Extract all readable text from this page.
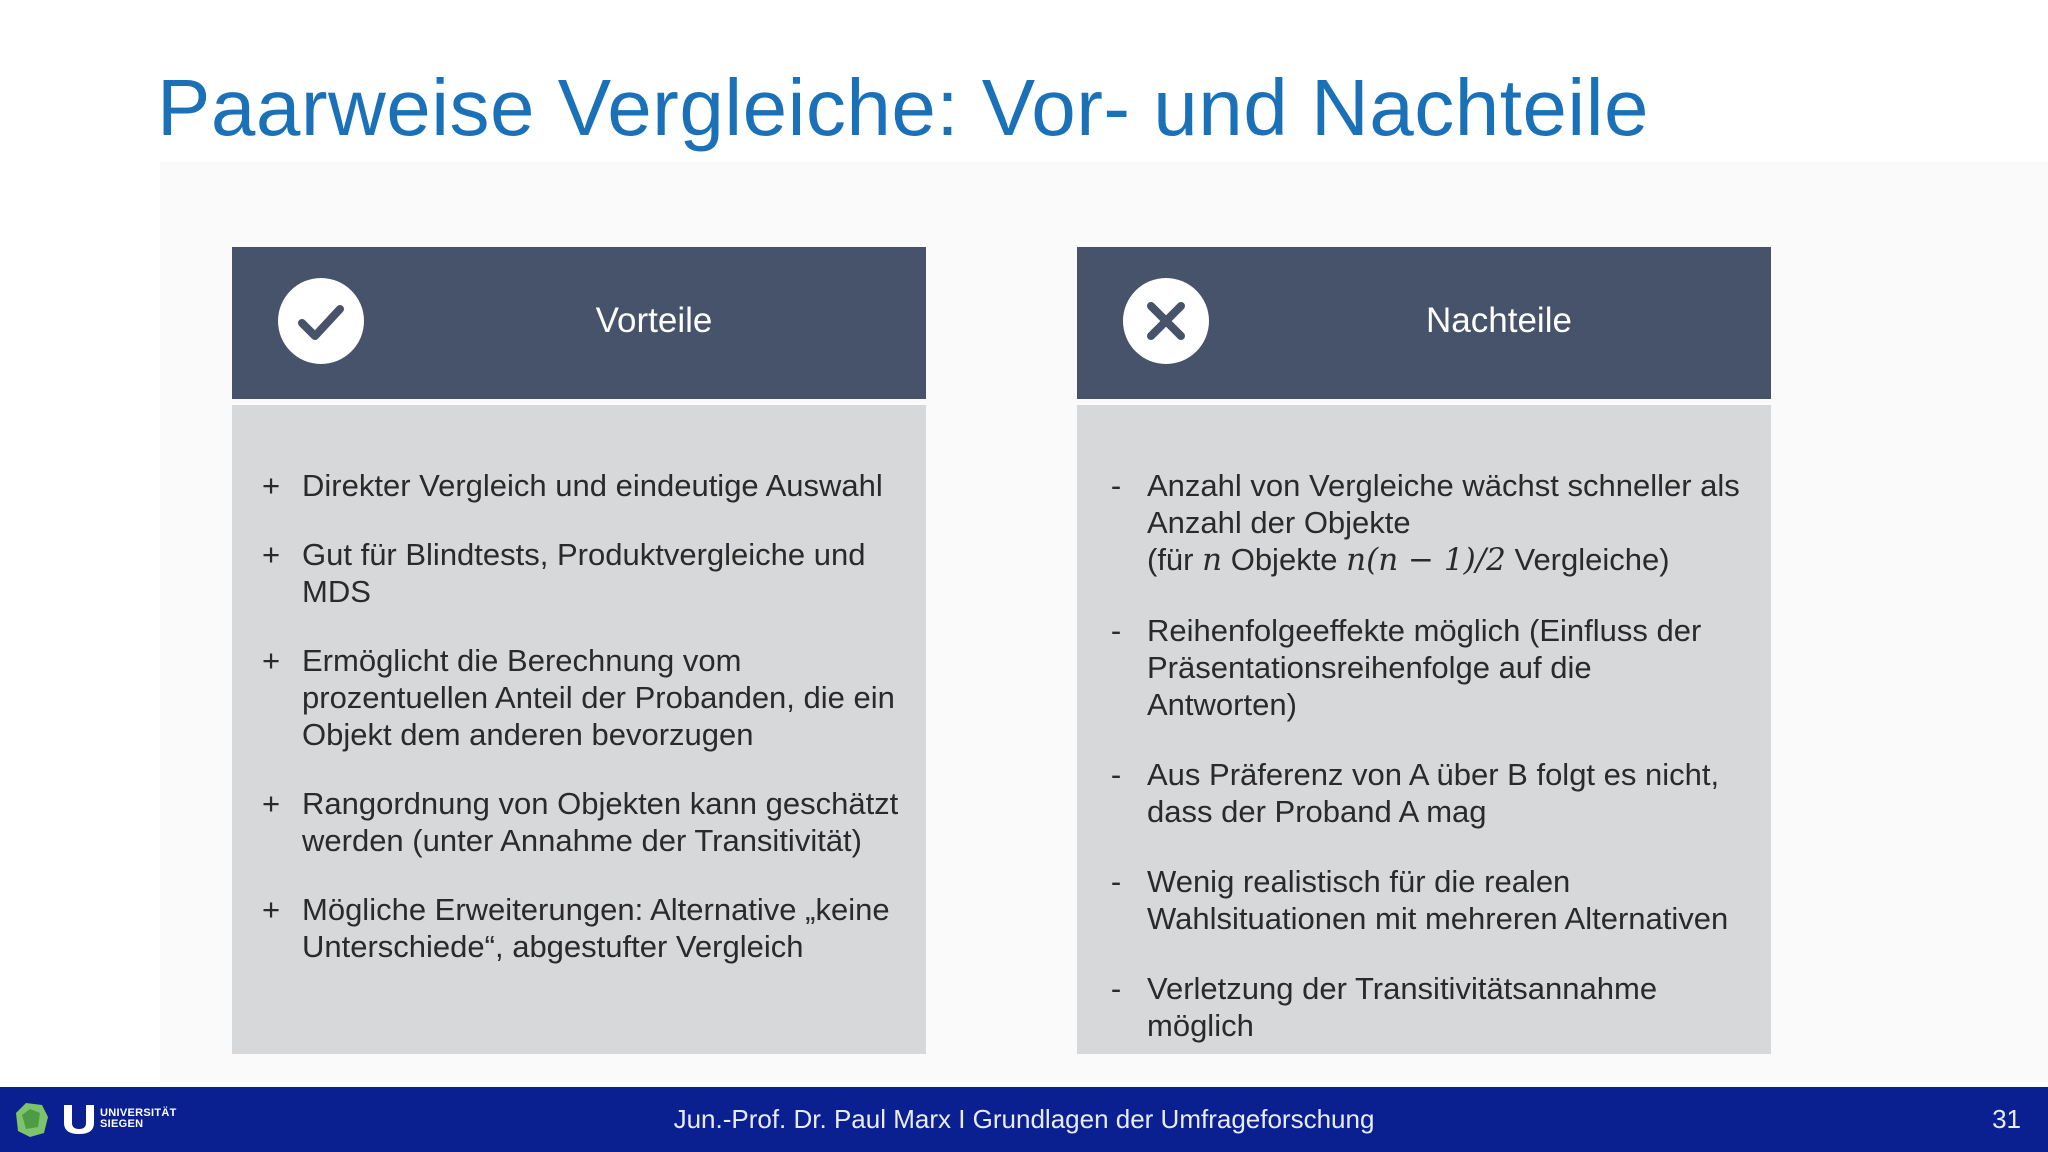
Paarweise Vergleiche: Vor- und Nachteile
Vorteile
+ Direkter Vergleich und eindeutige Auswahl
+ Gut für Blindtests, Produktvergleiche und
MDS
+ Ermöglicht die Berechnung vom
prozentuellen Anteil der Probanden, die ein
Objekt dem anderen bevorzugen
+ Rangordnung von Objekten kann geschätzt
werden (unter Annahme der Transitivität)
+ Mögliche Erweiterungen: Alternative „keine
Unterschiede“, abgestufter Vergleich
Nachteile
- Anzahl von Vergleiche wächst schneller als
Anzahl der Objekte
(für n Objekte n(n − 1)/2 Vergleiche)
- Reihenfolgeeffekte möglich (Einfluss der
Präsentationsreihenfolge auf die
Antworten)
- Aus Präferenz von A über B folgt es nicht,
dass der Proband A mag
- Wenig realistisch für die realen
Wahlsituationen mit mehreren Alternativen
- Verletzung der Transitivitätsannahme
möglich
UNIVERSITÄT
SIEGEN	Jun.-Prof. Dr. Paul Marx I Grundlagen der Umfrageforschung	31
